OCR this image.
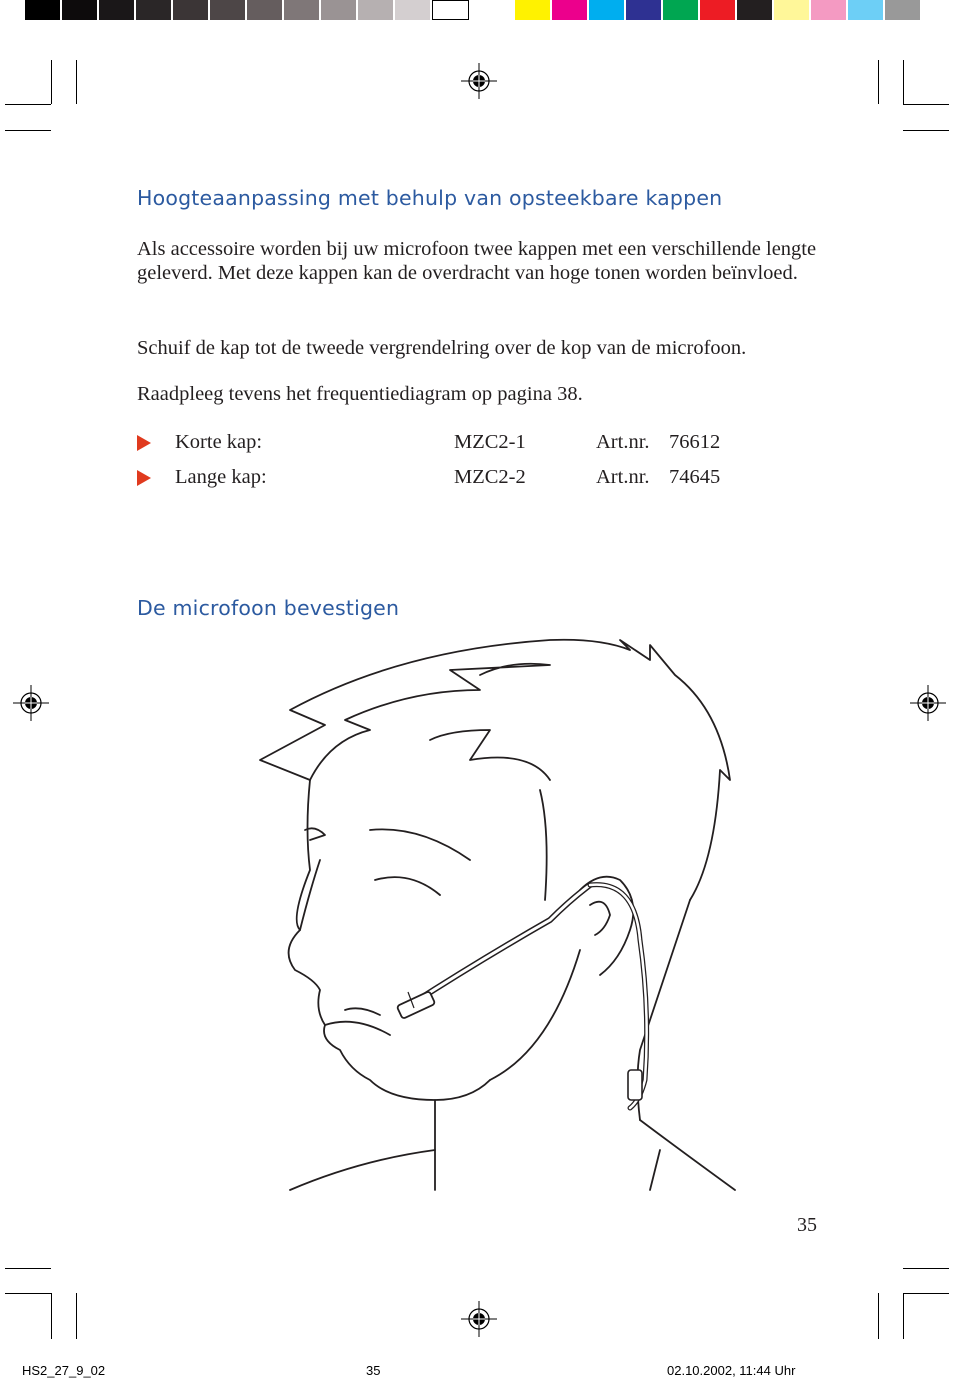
Hoogteaanpassing met behulp van opsteekbare kappen

Als accessoire worden bij uw microfoon twee kappen met een verschillende lengte geleverd. Met deze kappen kan de overdracht van hoge tonen worden beïnvloed.

Schuif de kap tot de tweede vergrendelring over de kop van de microfoon.

Raadpleeg tevens het frequentiediagram op pagina 38.

Korte kap:	MZC2-1	Art.nr. 76612
Lange kap:	MZC2-2	Art.nr. 74645
De microfoon bevestigen
35
HS2_27_9_02	35	02.10.2002, 11:44 Uhr
